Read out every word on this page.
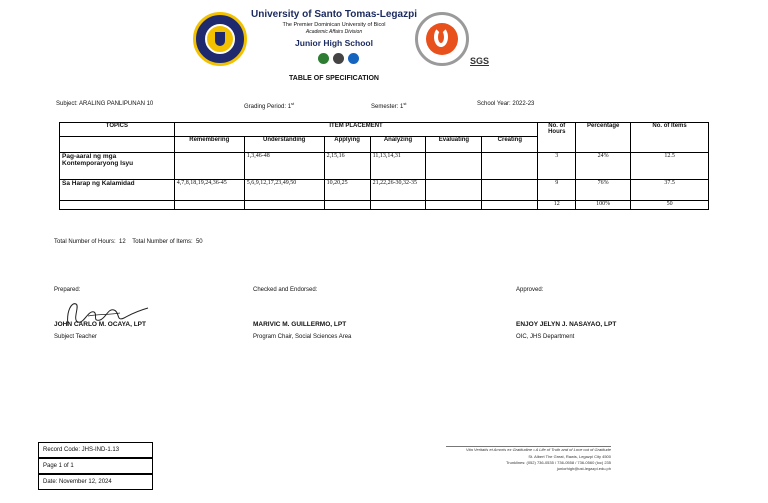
University of Santo Tomas-Legazpi
The Premier Dominican University of Bicol
Academic Affairs Division
Junior High School
SGS
TABLE OF SPECIFICATION
Subject: ARALING PANLIPUNAN 10	Grading Period: 1st
Semester: 1st	School Year: 2022-23
TOPICS	ITEM PLACEMENT						No. of Hours	Percentage	No. of Items
	Remembering	Understanding	Applying	Analyzing	Evaluating	Creating			
Pag-aaral ng mga Kontemporaryong Isyu		1,3,46-48	2,15,16	11,13,14,31			3	24%	12.5
Sa Harap ng Kalamidad	4,7,8,18,19,24,36-45	5,6,9,12,17,23,49,50	10,20,25	21,22,26-30,32-35			9	76%	37.5
							12	100%	50
Total Number of Hours:  12    Total Number of Items:  50
Prepared:	Checked and Endorsed:	Approved:
JOHN CARLO M. OCAYA, LPT	MARIVIC M. GUILLERMO, LPT	ENJOY JELYN J. NASAYAO, LPT
Subject Teacher	Program Chair, Social Sciences Area	OIC, JHS Department
Record Code: JHS-IND-1.13
Page 1 of 1
Date: November 12, 2024
Vita Veritatis et Amoris ex Gratitudine • A Life of Truth and of Love out of Gratitude
St. Albert The Great, Rawis, Legazpi City 4500
Trunklines: (052) 736-0535 / 736-0558 / 736-0560 (loc) 235
juniorhigh@ust-legazpi.edu.ph
